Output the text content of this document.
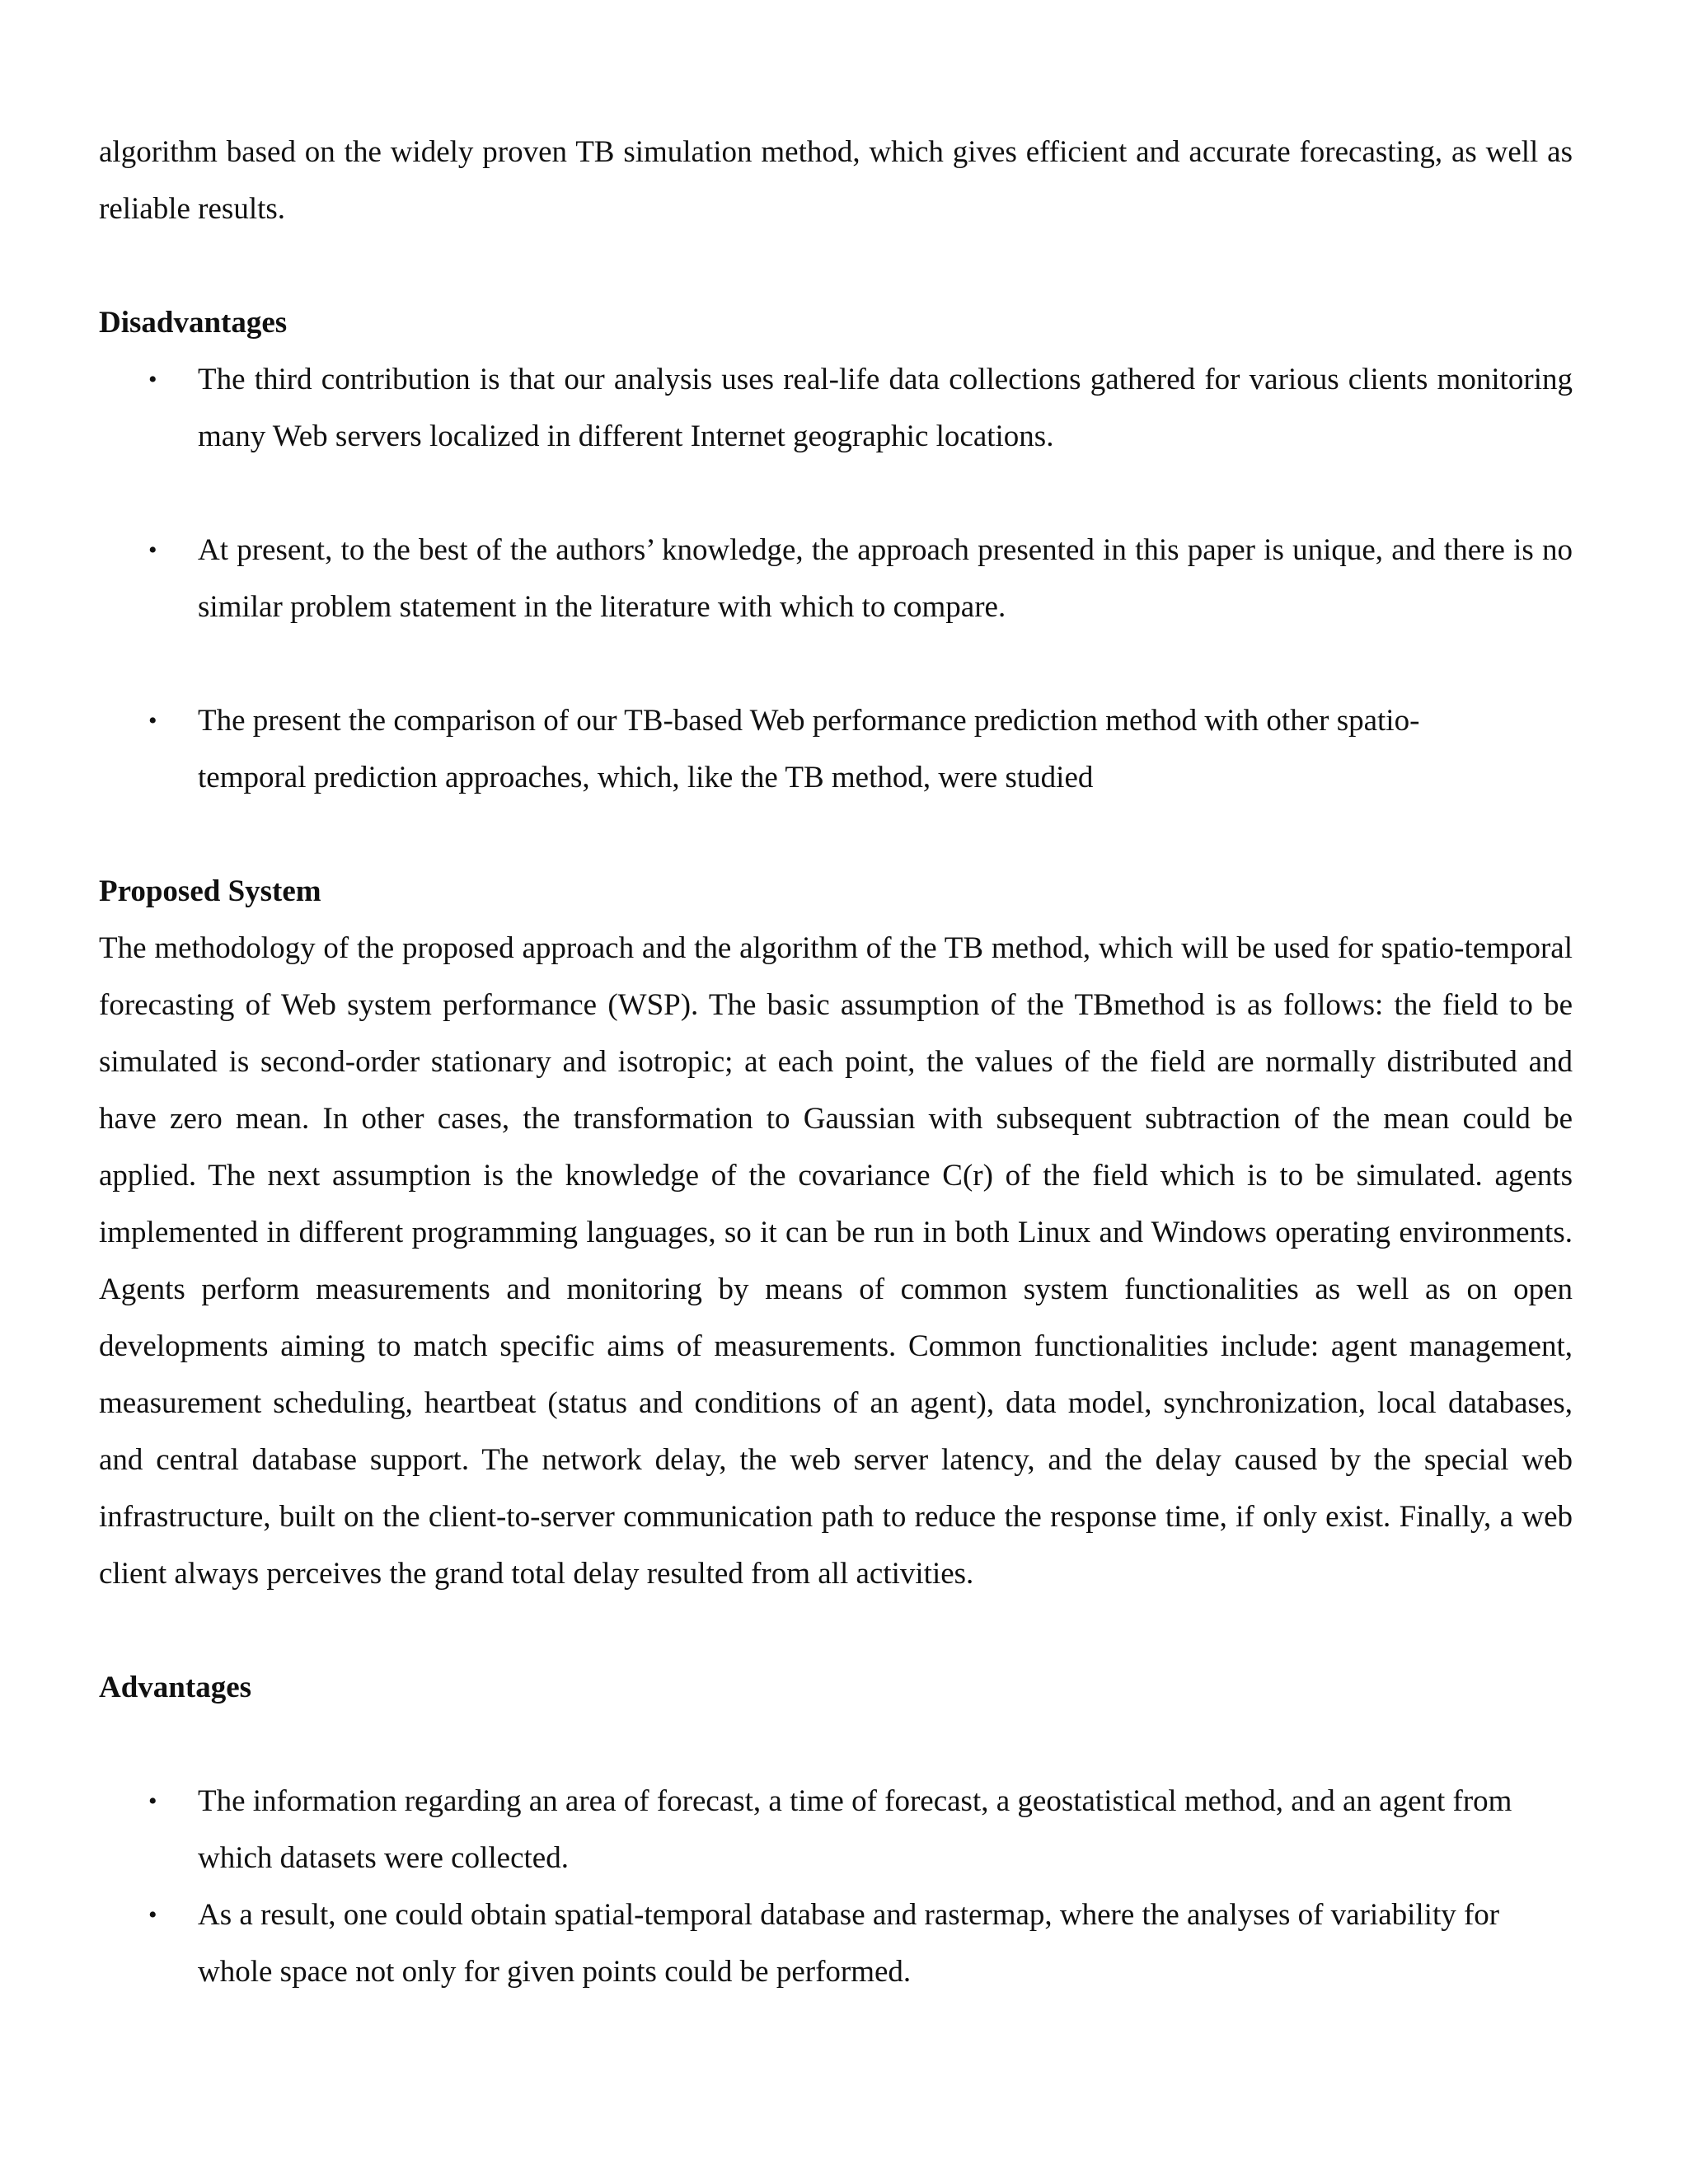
algorithm based on the widely proven TB simulation method, which gives efficient and accurate forecasting, as well as reliable results.

Disadvantages

• The third contribution is that our analysis uses real-life data collections gathered for various clients monitoring many Web servers localized in different Internet geographic locations.
• At present, to the best of the authors’ knowledge, the approach presented in this paper is unique, and there is no similar problem statement in the literature with which to compare.
• The present the comparison of our TB-based Web performance prediction method with other spatio-temporal prediction approaches, which, like the TB method, were studied

Proposed System

The methodology of the proposed approach and the algorithm of the TB method, which will be used for spatio-temporal forecasting of Web system performance (WSP). The basic assumption of the TBmethod is as follows: the field to be simulated is second-order stationary and isotropic; at each point, the values of the field are normally distributed and have zero mean. In other cases, the transformation to Gaussian with subsequent subtraction of the mean could be applied. The next assumption is the knowledge of the covariance C(r) of the field which is to be simulated. agents implemented in different programming languages, so it can be run in both Linux and Windows operating environments. Agents perform measurements and monitoring by means of common system functionalities as well as on open developments aiming to match specific aims of measurements. Common functionalities include: agent management, measurement scheduling, heartbeat (status and conditions of an agent), data model, synchronization, local databases, and central database support. The network delay, the web server latency, and the delay caused by the special web infrastructure, built on the client-to-server communication path to reduce the response time, if only exist. Finally, a web client always perceives the grand total delay resulted from all activities.

Advantages

• The information regarding an area of forecast, a time of forecast, a geostatistical method, and an agent from which datasets were collected.
• As a result, one could obtain spatial-temporal database and rastermap, where the analyses of variability for whole space not only for given points could be performed.
